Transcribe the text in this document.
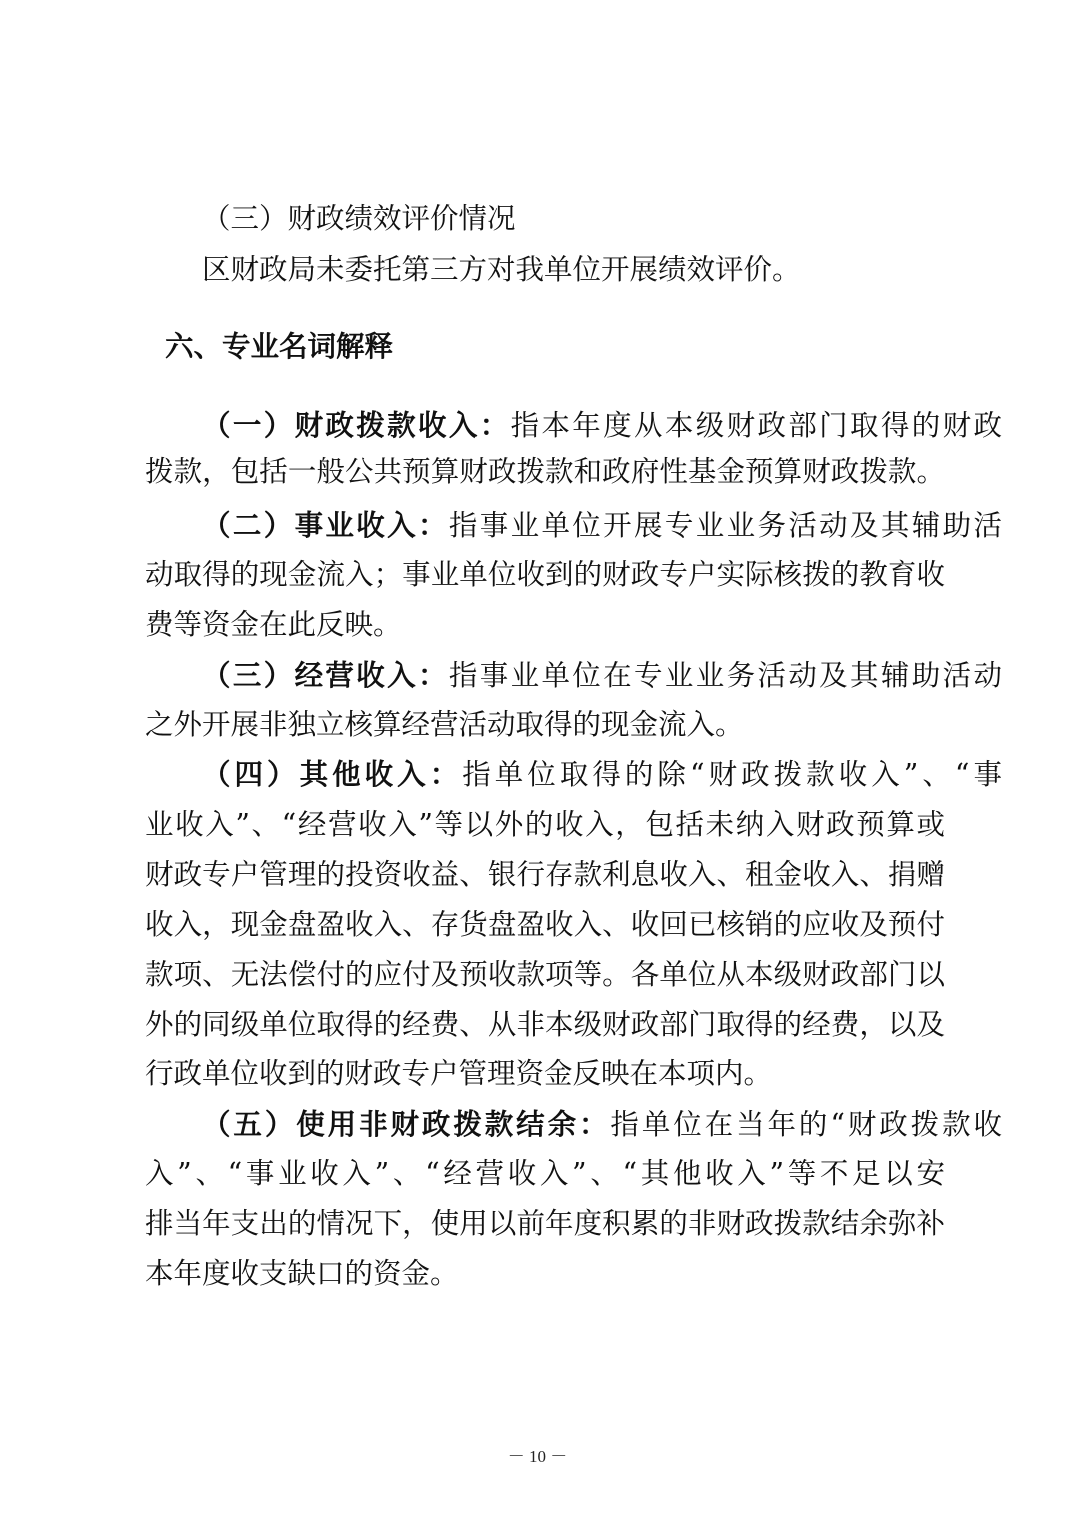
（三）财政绩效评价情况
区财政局未委托第三方对我单位开展绩效评价。
六、专业名词解释
（一）财政拨款收入：指本年度从本级财政部门取得的财政
拨款，包括一般公共预算财政拨款和政府性基金预算财政拨款。
（二）事业收入：指事业单位开展专业业务活动及其辅助活
动取得的现金流入；事业单位收到的财政专户实际核拨的教育收
费等资金在此反映。
（三）经营收入：指事业单位在专业业务活动及其辅助活动
之外开展非独立核算经营活动取得的现金流入。
（四）其他收入：指单位取得的除“财政拨款收入”、“事
业收入”、“经营收入”等以外的收入，包括未纳入财政预算或
财政专户管理的投资收益、银行存款利息收入、租金收入、捐赠
收入，现金盘盈收入、存货盘盈收入、收回已核销的应收及预付
款项、无法偿付的应付及预收款项等。各单位从本级财政部门以
外的同级单位取得的经费、从非本级财政部门取得的经费，以及
行政单位收到的财政专户管理资金反映在本项内。
（五）使用非财政拨款结余：指单位在当年的“财政拨款收
入”、“事业收入”、“经营收入”、“其他收入”等不足以安
排当年支出的情况下，使用以前年度积累的非财政拨款结余弥补
本年度收支缺口的资金。
－ 10 －
